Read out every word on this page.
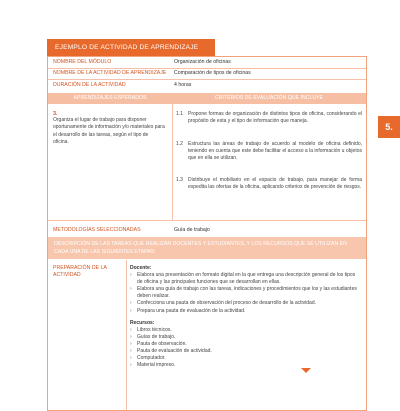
EJEMPLO DE ACTIVIDAD DE APRENDIZAJE
NOMBRE DEL MÓDULO	Organización de oficinas
NOMBRE DE LA ACTIVIDAD DE APRENDIZAJE	Comparación de tipos de oficinas
DURACIÓN DE LA ACTIVIDAD	4 horas
APRENDIZAJES ESPERADOS	CRITERIOS DE EVALUACIÓN QUE INCLUYE
3.
Organiza el lugar de trabajo para disponer oportunamente de información y/o materiales para el desarrollo de las tareas, según el tipo de oficina.
1.1 Propone formas de organización de distintos tipos de oficina, considerando el propósito de esta y el tipo de información que maneja.
1.2 Estructura las áreas de trabajo de acuerdo al modelo de oficina definido, teniendo en cuenta que este debe facilitar el acceso a la información u objetos que en ella se utilizan.
1.3 Distribuye el mobiliario en el espacio de trabajo, para manejar de forma expedita las ofertas de la oficina, aplicando criterios de prevención de riesgos.
METODOLOGÍAS SELECCIONADAS	Guía de trabajo
DESCRIPCIÓN DE LAS TAREAS QUE REALIZAN DOCENTES Y ESTUDIANTES, Y LOS RECURSOS QUE SE UTILIZAN EN CADA UNA DE LAS SIGUIENTES ETAPAS:
PREPARACIÓN DE LA ACTIVIDAD
Docente:
› Elabora una presentación en formato digital en la que entrega una descripción general de los tipos de oficina y las principales funciones que se desarrollan en ellas.
› Elabora una guía de trabajo con las tareas, indicaciones y procedimientos que los y las estudiantes deben realizar.
› Confecciona una pauta de observación del proceso de desarrollo de la actividad.
› Prepara una pauta de evaluación de la actividad.
Recursos:
› Libros técnicos.
› Guías de trabajo.
› Pauta de observación.
› Pauta de evaluación de actividad.
› Computador.
› Material impreso.
5.
